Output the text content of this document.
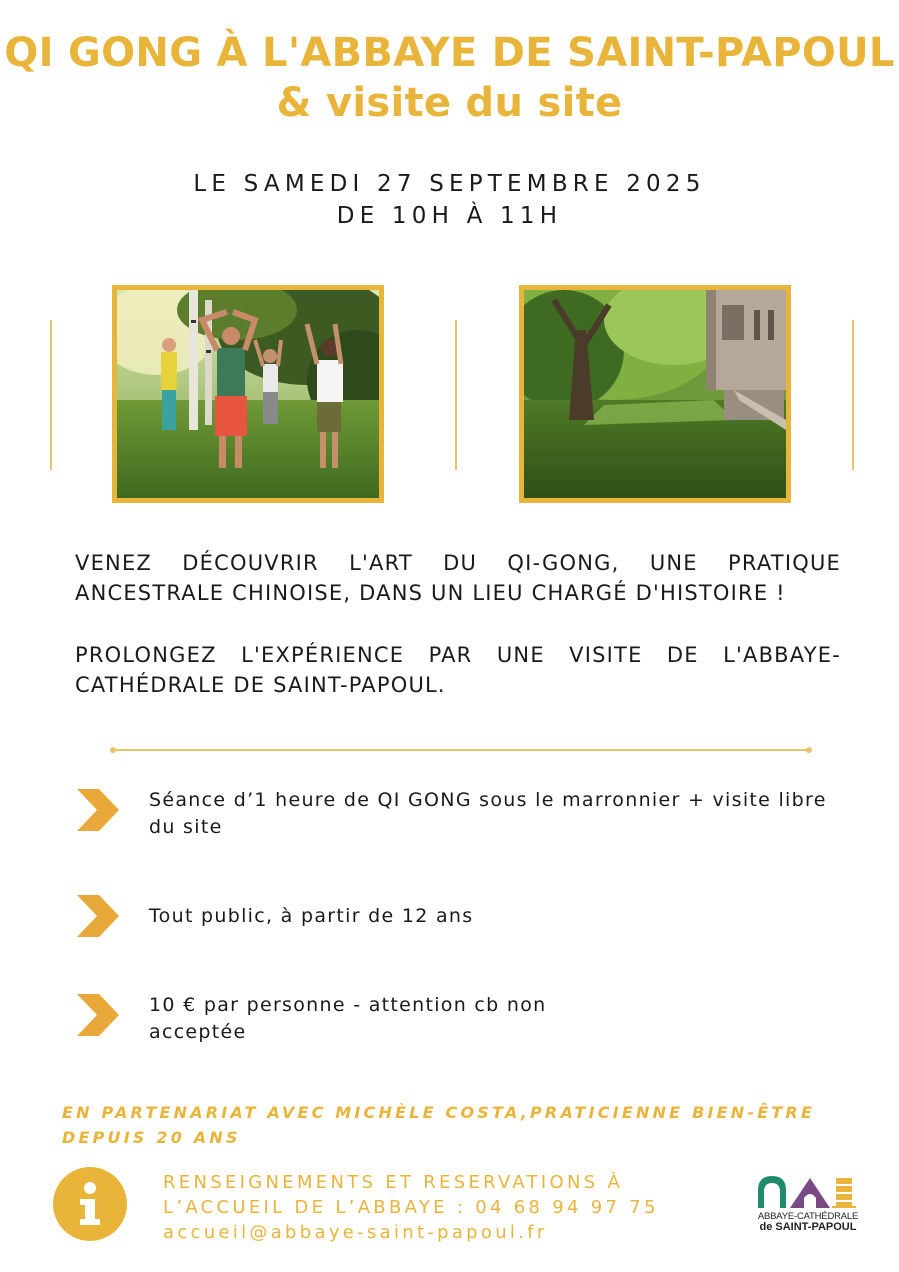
QI GONG À L'ABBAYE DE SAINT-PAPOUL
& visite du site
LE SAMEDI 27 SEPTEMBRE 2025
DE 10H À 11H

VENEZ DÉCOUVRIR L'ART DU QI-GONG, UNE PRATIQUE ANCESTRALE CHINOISE, DANS UN LIEU CHARGÉ D'HISTOIRE !

PROLONGEZ L'EXPÉRIENCE PAR UNE VISITE DE L'ABBAYE-CATHÉDRALE DE SAINT-PAPOUL.

Séance d’1 heure de QI GONG sous le marronnier + visite libre du site
Tout public, à partir de 12 ans
10 € par personne - attention cb non acceptée
EN PARTENARIAT AVEC MICHÈLE COSTA,PRATICIENNE BIEN-ÊTRE DEPUIS 20 ANS
RENSEIGNEMENTS ET RESERVATIONS À
L’ACCUEIL DE L’ABBAYE : 04 68 94 97 75
accueil@abbaye-saint-papoul.fr
ABBAYE-CATHÉDRALE
de SAINT-PAPOUL
